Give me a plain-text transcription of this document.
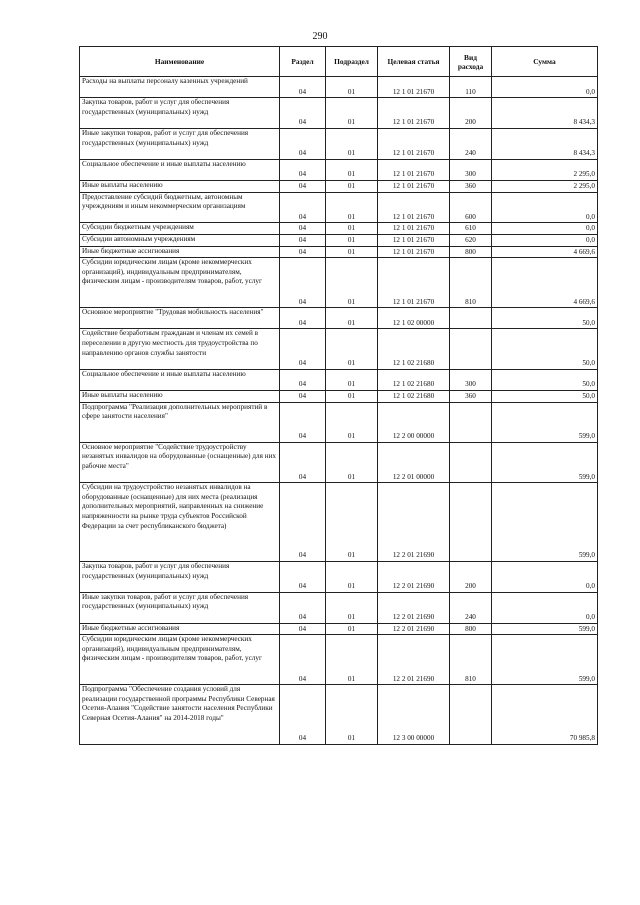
290
Наименование	Раздел	Подраздел	Целевая статья	Вид расхода	Сумма
Расходы на выплаты персоналу казенных учреждений	04	01	12 1 01 21670	110	0,0
Закупка товаров, работ и услуг для обеспечения государственных (муниципальных) нужд	04	01	12 1 01 21670	200	8 434,3
Иные закупки товаров, работ и услуг для обеспечения государственных (муниципальных) нужд	04	01	12 1 01 21670	240	8 434,3
Социальное обеспечение и иные выплаты населению	04	01	12 1 01 21670	300	2 295,0
Иные выплаты населению	04	01	12 1 01 21670	360	2 295,0
Предоставление субсидий бюджетным, автономным учреждениям и иным некоммерческим организациям	04	01	12 1 01 21670	600	0,0
Субсидии бюджетным учреждениям	04	01	12 1 01 21670	610	0,0
Субсидии автономным учреждениям	04	01	12 1 01 21670	620	0,0
Иные бюджетные ассигнования	04	01	12 1 01 21670	800	4 669,6
Субсидии юридическим лицам (кроме некоммерческих организаций), индивидуальным предпринимателям, физическим лицам - производителям товаров, работ, услуг	04	01	12 1 01 21670	810	4 669,6
Основное мероприятие "Трудовая мобильность населения"	04	01	12 1 02 00000		50,0
Содействие безработным гражданам и членам их семей в переселении в другую местность для трудоустройства по направлению органов службы занятости	04	01	12 1 02 21680		50,0
Социальное обеспечение и иные выплаты населению	04	01	12 1 02 21680	300	50,0
Иные выплаты населению	04	01	12 1 02 21680	360	50,0
Подпрограмма "Реализация дополнительных мероприятий в сфере занятости населения"	04	01	12 2 00 00000		599,0
Основное мероприятие "Содействие трудоустройству незанятых инвалидов на оборудованные (оснащенные) для них рабочие места"	04	01	12 2 01 00000		599,0
Субсидии на трудоустройство незанятых инвалидов на оборудованные (оснащенные) для них места (реализация дополнительных мероприятий, направленных на снижение напряженности на рынке труда субъектов Российской Федерации за счет республиканского бюджета)	04	01	12 2 01 21690		599,0
Закупка товаров, работ и услуг для обеспечения государственных (муниципальных) нужд	04	01	12 2 01 21690	200	0,0
Иные закупки товаров, работ и услуг для обеспечения государственных (муниципальных) нужд	04	01	12 2 01 21690	240	0,0
Иные бюджетные ассигнования	04	01	12 2 01 21690	800	599,0
Субсидии юридическим лицам (кроме некоммерческих организаций), индивидуальным предпринимателям, физическим лицам - производителям товаров, работ, услуг	04	01	12 2 01 21690	810	599,0
Подпрограмма "Обеспечение создания условий для реализации государственной программы Республики Северная Осетия-Алания "Содействие занятости населения Республики Северная Осетия-Алания" на 2014-2018 годы"	04	01	12 3 00 00000		70 985,8
